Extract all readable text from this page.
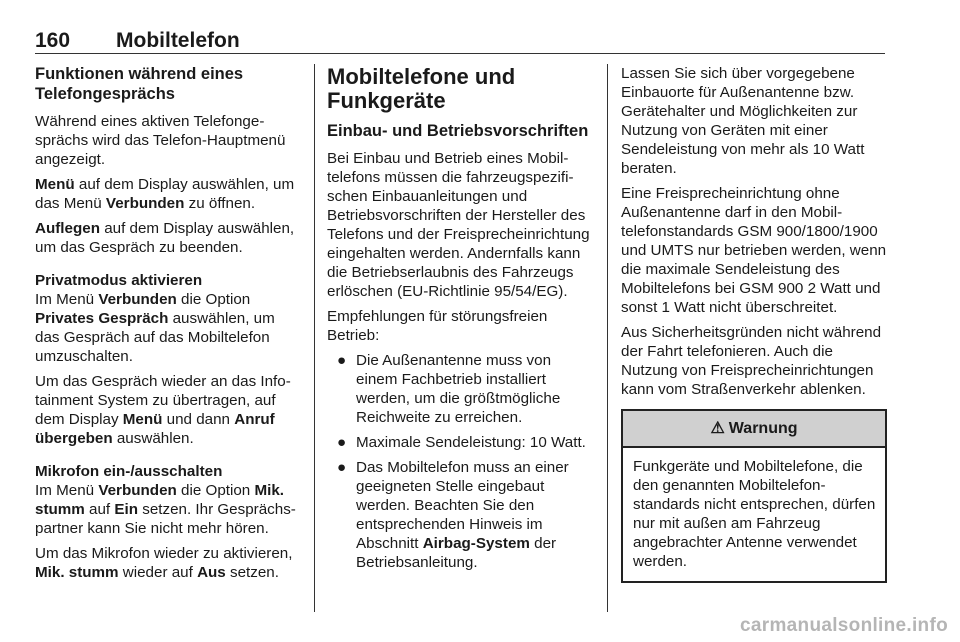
160 Mobiltelefon
Funktionen während eines Telefongesprächs
Während eines aktiven Telefongesprächs wird das Telefon-Hauptmenü angezeigt.
Menü auf dem Display auswählen, um das Menü Verbunden zu öffnen.
Auflegen auf dem Display auswählen, um das Gespräch zu beenden.
Privatmodus aktivieren
Im Menü Verbunden die Option Privates Gespräch auswählen, um das Gespräch auf das Mobiltelefon umzuschalten.
Um das Gespräch wieder an das Infotainment System zu übertragen, auf dem Display Menü und dann Anruf übergeben auswählen.
Mikrofon ein-/ausschalten
Im Menü Verbunden die Option Mik. stumm auf Ein setzen. Ihr Gesprächspartner kann Sie nicht mehr hören.
Um das Mikrofon wieder zu aktivieren, Mik. stumm wieder auf Aus setzen.
Mobiltelefone und Funkgeräte
Einbau- und Betriebsvorschriften
Bei Einbau und Betrieb eines Mobiltelefons müssen die fahrzeugspezifischen Einbauanleitungen und Betriebsvorschriften der Hersteller des Telefons und der Freisprecheinrichtung eingehalten werden. Andernfalls kann die Betriebserlaubnis des Fahrzeugs erlöschen (EU-Richtlinie 95/54/EG).
Empfehlungen für störungsfreien Betrieb:
● Die Außenantenne muss von einem Fachbetrieb installiert werden, um die größtmögliche Reichweite zu erreichen.
● Maximale Sendeleistung: 10 Watt.
● Das Mobiltelefon muss an einer geeigneten Stelle eingebaut werden. Beachten Sie den entsprechenden Hinweis im Abschnitt Airbag-System der Betriebsanleitung.
Lassen Sie sich über vorgegebene Einbauorte für Außenantenne bzw. Gerätehalter und Möglichkeiten zur Nutzung von Geräten mit einer Sendeleistung von mehr als 10 Watt beraten.
Eine Freisprecheinrichtung ohne Außenantenne darf in den Mobiltelefonstandards GSM 900/1800/1900 und UMTS nur betrieben werden, wenn die maximale Sendeleistung des Mobiltelefons bei GSM 900 2 Watt und sonst 1 Watt nicht überschreitet.
Aus Sicherheitsgründen nicht während der Fahrt telefonieren. Auch die Nutzung von Freisprecheinrichtungen kann vom Straßenverkehr ablenken.
⚠ Warnung
Funkgeräte und Mobiltelefone, die den genannten Mobiltelefonstandards nicht entsprechen, dürfen nur mit außen am Fahrzeug angebrachter Antenne verwendet werden.
carmanualsonline.info
